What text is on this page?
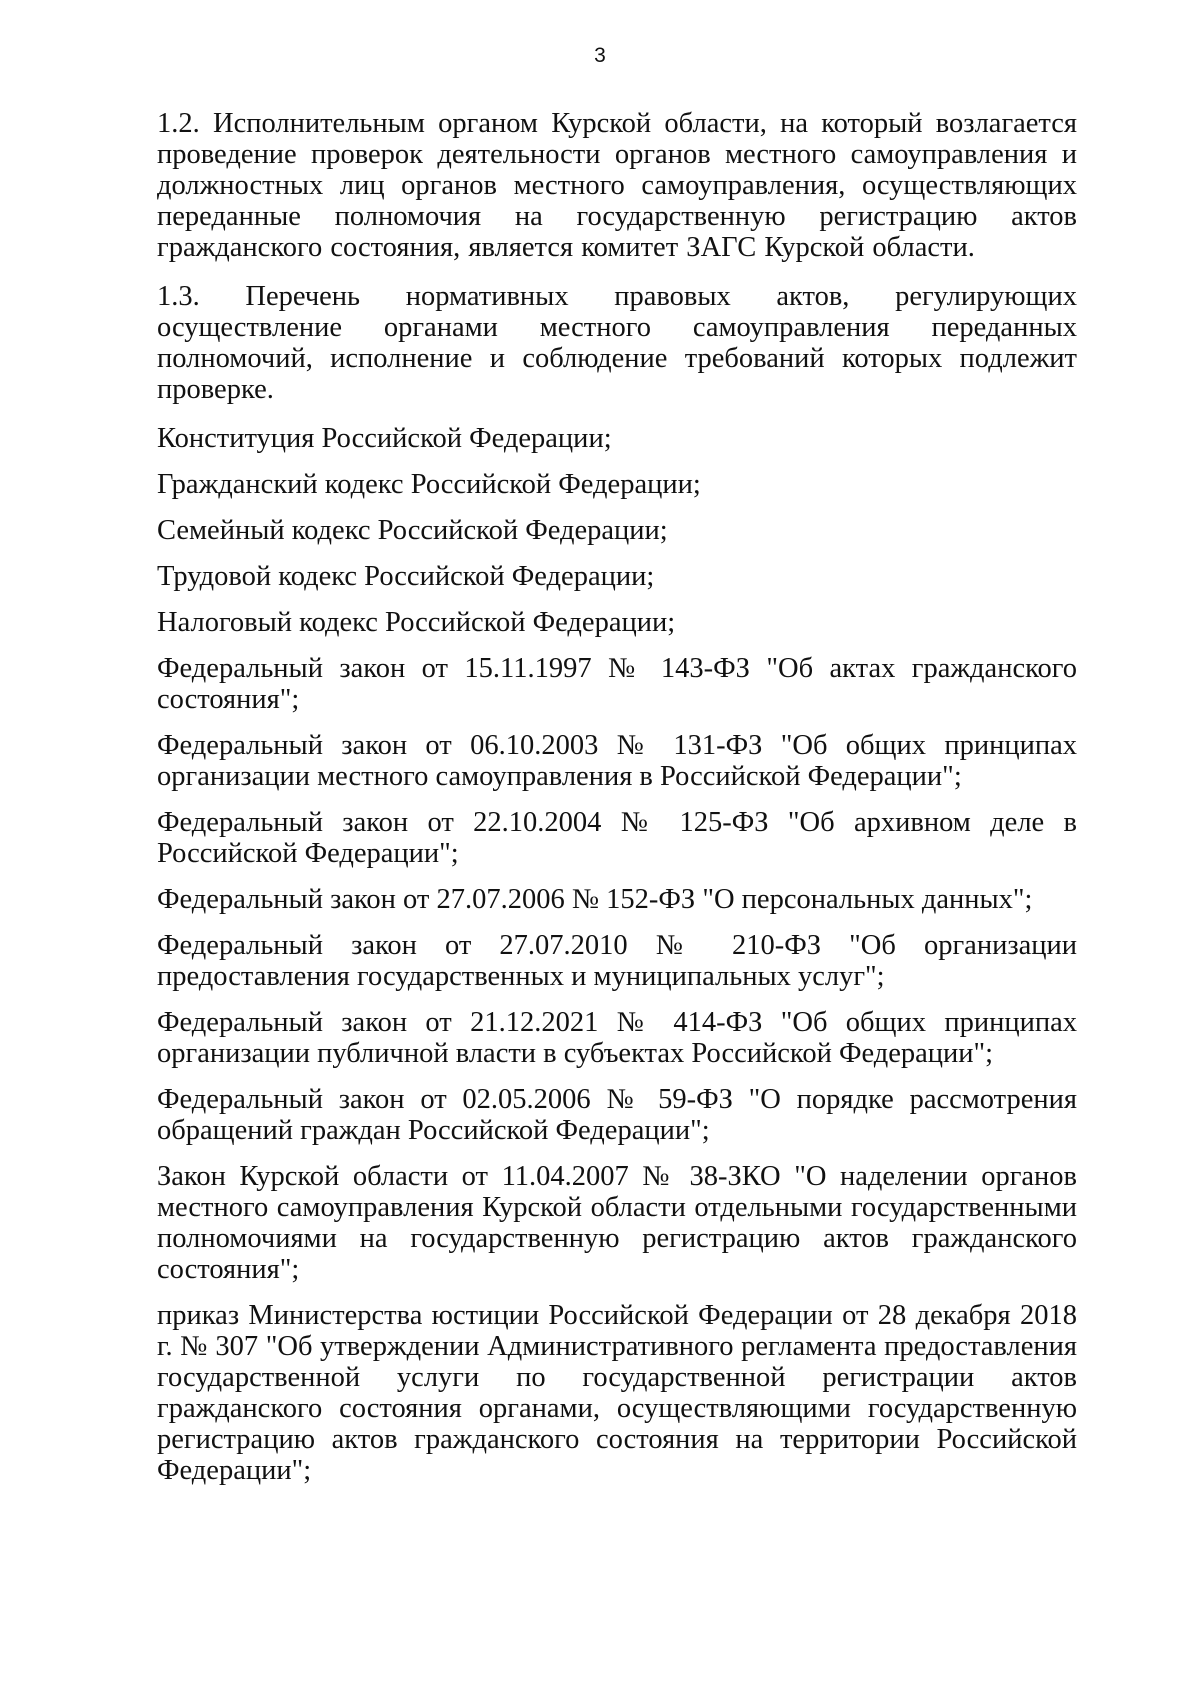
3

1.2. Исполнительным органом Курской области, на который возлагается проведение проверок деятельности органов местного самоуправления и должностных лиц органов местного самоуправления, осуществляющих переданные полномочия на государственную регистрацию актов гражданского состояния, является комитет ЗАГС Курской области.

1.3. Перечень нормативных правовых актов, регулирующих осуществление органами местного самоуправления переданных полномочий, исполнение и соблюдение требований которых подлежит проверке.

Конституция Российской Федерации;

Гражданский кодекс Российской Федерации;

Семейный кодекс Российской Федерации;

Трудовой кодекс Российской Федерации;

Налоговый кодекс Российской Федерации;

Федеральный закон от 15.11.1997 № 143-ФЗ "Об актах гражданского состояния";

Федеральный закон от 06.10.2003 № 131-ФЗ "Об общих принципах организации местного самоуправления в Российской Федерации";

Федеральный закон от 22.10.2004 № 125-ФЗ "Об архивном деле в Российской Федерации";

Федеральный закон от 27.07.2006 № 152-ФЗ "О персональных данных";

Федеральный закон от 27.07.2010 № 210-ФЗ "Об организации предоставления государственных и муниципальных услуг";

Федеральный закон от 21.12.2021 № 414-ФЗ "Об общих принципах организации публичной власти в субъектах Российской Федерации";

Федеральный закон от 02.05.2006 № 59-ФЗ "О порядке рассмотрения обращений граждан Российской Федерации";

Закон Курской области от 11.04.2007 № 38-ЗКО "О наделении органов местного самоуправления Курской области отдельными государственными полномочиями на государственную регистрацию актов гражданского состояния";

приказ Министерства юстиции Российской Федерации от 28 декабря 2018 г. № 307 "Об утверждении Административного регламента предоставления государственной услуги по государственной регистрации актов гражданского состояния органами, осуществляющими государственную регистрацию актов гражданского состояния на территории Российской Федерации";
